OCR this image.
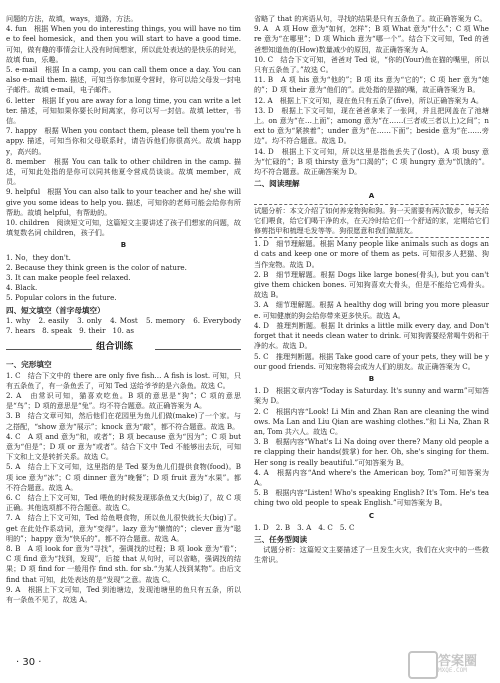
问题的方法，故填，ways，道路，方法。

4. fun　根据 When you do interesting things, you will have no time to feel homesick，and then you will start to have a good time.可知，做有趣的事情会让人没有时间想家，所以此处表达的是快乐的时光，故填 fun，乐趣。

5. e-mail　根据 In a camp, you can call them once a day. You can also e-mail them. 描述，可知当你参加夏令营时，你可以给父母发一封电子邮件。故填 e-mail，电子邮件。

6. letter　根据 If you are away for a long time, you can write a letter. 描述，可知如果你要长时间离家，你可以写一封信。故填 letter，书信。

7. happy　根据 When you contact them, please tell them you're happy. 描述，可知当你和父母联系时，请告诉他们你很高兴。故填 happy，高兴的。

8. member　根据 You can talk to other children in the camp. 描述，可知此处指的是你可以同其他夏令营成员谈谈。故填 member，成员。

9. helpful　根据 You can also talk to your teacher and he/ she will give you some ideas to help you. 描述，可知你的老师可能会给你有所帮助。故填 helpful，有帮助的。

10. children　阅读短文可知，这篇短文主要讲述了孩子们想家的问题，故填复数名词 children，孩子们。

B

1. No，they don't.

2. Because they think green is the color of nature.

3. It can make people feel relaxed.

4. Black.

5. Popular colors in the future.

四、短文填空（首字母填空）

1. why　2. easily　3. only　4. Most　5. memory　6. Everybody　7. hears　8. speak　9. their　10. as

组合训练 9

一、完形填空

1. C　结合下文中的 there are only five fish… A fish is lost. 可知，只有五条鱼了，有一条鱼丢了，可知 Ted 送给爷爷的是六条鱼。故选 C。

2. A　由常识可知，猫喜欢吃鱼。B 项的意思是“狗”；C 项的意思是“鸟”；D 项的意思是“兔”。均不符合题意。故正确答案为 A。

3. B　结合文章可知，然后他们在花园里为鱼儿们做(make)了一个家。与之搭配，“show 意为“展示”；knock 意为“敲”，都不符合题意。故选 B。

4. C　A 项 and 意为“和，或者”；B 项 because 意为“因为”；C 项 but 意为“但是”；D 项 or 意为“或者”。结合下文中 Ted 不能够出去玩，可知下文和上文是转折关系。故选 C。

5. A　结合上下文可知，这里指的是 Ted 要为鱼儿们提供食物(food)。B 项 ice 意为“冰”；C 项 dinner 意为“晚餐”；D 项 fruit 意为“水果”。都不符合题意。故选 A。

6. C　结合上下文可知，Ted 喂鱼的时候发现那条鱼又大(big)了，故 C 项正确。其他选项都不符合题意。故选 C。

7. A　结合上下文可知，Ted 给鱼喂食物，所以鱼儿很快就长大(big)了。get 在此处作系动词，意为“变得”。lazy 意为“懒惰的”；clever 意为“聪明的”；happy 意为“快乐的”。都不符合题意。故选 A。

8. B　A 项 look for 意为“寻找”，强调找的过程；B 项 look 意为“看”；C 项 find 意为“找到，发现”，后接 that 从句时，可以省略，强调找的结果；D 项 find for 一般用作 find sth. for sb.“为某人找到某物”。由后文 find that 可知，此处表达的是“发现”之意。故选 C。

9. A　根据上下文可知，Ted 到池塘边，发现池塘里的鱼只有五条，所以有一条鱼不见了，故选 A。

省略了 that 的宾语从句，寻找的结果是只有五条鱼了。故正确答案为 C。

9. A　A 项 How 意为“如何，怎样”；B 项 What 意为“什么”；C 项 Where 意为“在哪里”；D 项 Which 意为“哪一个”。结合下文可知，Ted 的爸爸想知道鱼的(How)数量减少的原因，故正确答案为 A。

10. C　结合下文可知，爸爸对 Ted 说，“你的(Your)鱼在猫的嘴里，所以只有五条鱼了。”故选 C。

11. B　A 项 his 意为“他的”；B 项 its 意为“它的”；C 项 her 意为“她的”；D 项 their 意为“他们的”。此处指的是猫的嘴，故正确答案为 B。

12. A　根据上下文可知，现在鱼只有五条了(five)，所以正确答案为 A。

13. D　根据上下文可知，现在爸爸拿来了一张网，并且把网盖在了池塘上。on 意为“在…上面”；among 意为“在……(三者或三者以上)之间”；next to 意为“紧挨着”；under 意为“在……下面”；beside 意为“在……旁边”。均不符合题意。故选 D。

14. D　根据上下文可知，所以这里是指鱼丢失了(lost)。A 项 busy 意为“忙碌的”；B 项 thirsty 意为“口渴的”；C 项 hungry 意为“饥饿的”。均不符合题意。故正确答案为 D。

二、阅读理解

A

试题分析：本文介绍了如何养宠物狗和狗。狗一天需要有两次散步，每天给它们喂食，给它们喝干净的水，在天冷时给它们一个舒适的家，定期给它们修剪指甲和梳理毛发等等。狗很愿意和我们做朋友。

1. D　细节理解题。根据 Many people like animals such as dogs and cats and keep one or more of them as pets. 可知很多人把猫、狗当作宠物。故选 D。

2. B　细节理解题。根据 Dogs like large bones(骨头), but you can't give them chicken bones. 可知狗喜欢大骨头，但是不能给它鸡骨头。故选 B。

3. A　细节理解题。根据 A healthy dog will bring you more pleasure. 可知健康的狗会给你带来更多快乐。故选 A。

4. D　推理判断题。根据 It drinks a little milk every day, and Don't forget that it needs clean water to drink. 可知狗需要经常喝牛奶和干净的水。故选 D。

5. C　推理判断题。根据 Take good care of your pets, they will be your good friends. 可知宠物将会成为人们的朋友。故正确答案为 C。

B

1. D　根据文章内容“Today is Saturday. It's sunny and warm”可知答案为 D。

2. C　根据内容“Look! Li Min and Zhan Ran are cleaning the windows. Ma Lan and Liu Qian are washing clothes.”和 Li Na, Zhan Ran, Tom 共六人。故选 C。

3. B　根据内容“What's Li Na doing over there? Many old people are clapping their hands(鼓掌) for her. Oh, she's singing for them. Her song is really beautiful.”可知答案为 B。

4. A　根据内容“And where's the American boy, Tom?”可知答案为 A。

5. B　根据内容“Listen! Who's speaking English? It's Tom. He's teaching two old people to speak English.”可知答案为 B。

C

1. D　2. B　3. A　4. C　5. C

三、任务型阅读

试题分析：这篇短文主要描述了一旦发生火灾，我们在火灾中的一些救生常识。

· 30 ·	答案圈
MXQE.COM
